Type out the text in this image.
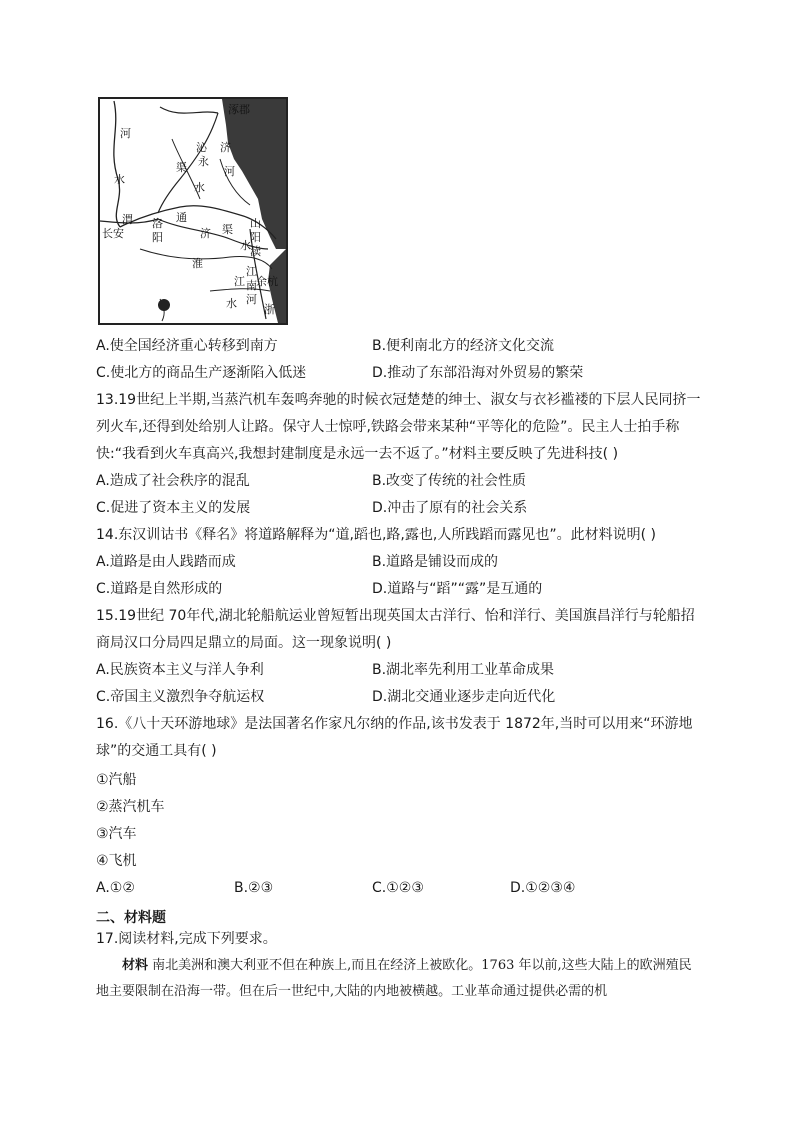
涿郡
河
水
沁
永
济
渠
水
河
长安
渭 洛
阳
通
济 渠 山
阳
渎
淮
水
江
南
河
余杭
江
水 浙
A.使全国经济重心转移到南方	B.便利南北方的经济文化交流
C.使北方的商品生产逐渐陷入低迷	D.推动了东部沿海对外贸易的繁荣
13.19世纪上半期,当蒸汽机车轰鸣奔驰的时候衣冠楚楚的绅士、淑女与衣衫褴褛的下层人民同挤一
列火车,还得到处给别人让路。保守人士惊呼,铁路会带来某种“平等化的危险”。民主人士拍手称
快:“我看到火车真高兴,我想封建制度是永远一去不返了。”材料主要反映了先进科技( )
A.造成了社会秩序的混乱	B.改变了传统的社会性质
C.促进了资本主义的发展	D.冲击了原有的社会关系
14.东汉训诂书《释名》将道路解释为“道,蹈也,路,露也,人所践蹈而露见也”。此材料说明( )
A.道路是由人践踏而成	B.道路是铺设而成的
C.道路是自然形成的	D.道路与“蹈”“露”是互通的
15.19世纪 70年代,湖北轮船航运业曾短暂出现英国太古洋行、怡和洋行、美国旗昌洋行与轮船招
商局汉口分局四足鼎立的局面。这一现象说明( )
A.民族资本主义与洋人争利	B.湖北率先利用工业革命成果
C.帝国主义激烈争夺航运权	D.湖北交通业逐步走向近代化
16.《八十天环游地球》是法国著名作家凡尔纳的作品,该书发表于 1872年,当时可以用来“环游地
球”的交通工具有( )
①汽船
②蒸汽机车
③汽车
④飞机
A.①②	B.②③	C.①②③	D.①②③④
二、材料题
17.阅读材料,完成下列要求。
材料 南北美洲和澳大利亚不但在种族上,而且在经济上被欧化。1763 年以前,这些大陆上的欧洲殖民地主要限制在沿海一带。但在后一世纪中,大陆的内地被横越。工业革命通过提供必需的机
